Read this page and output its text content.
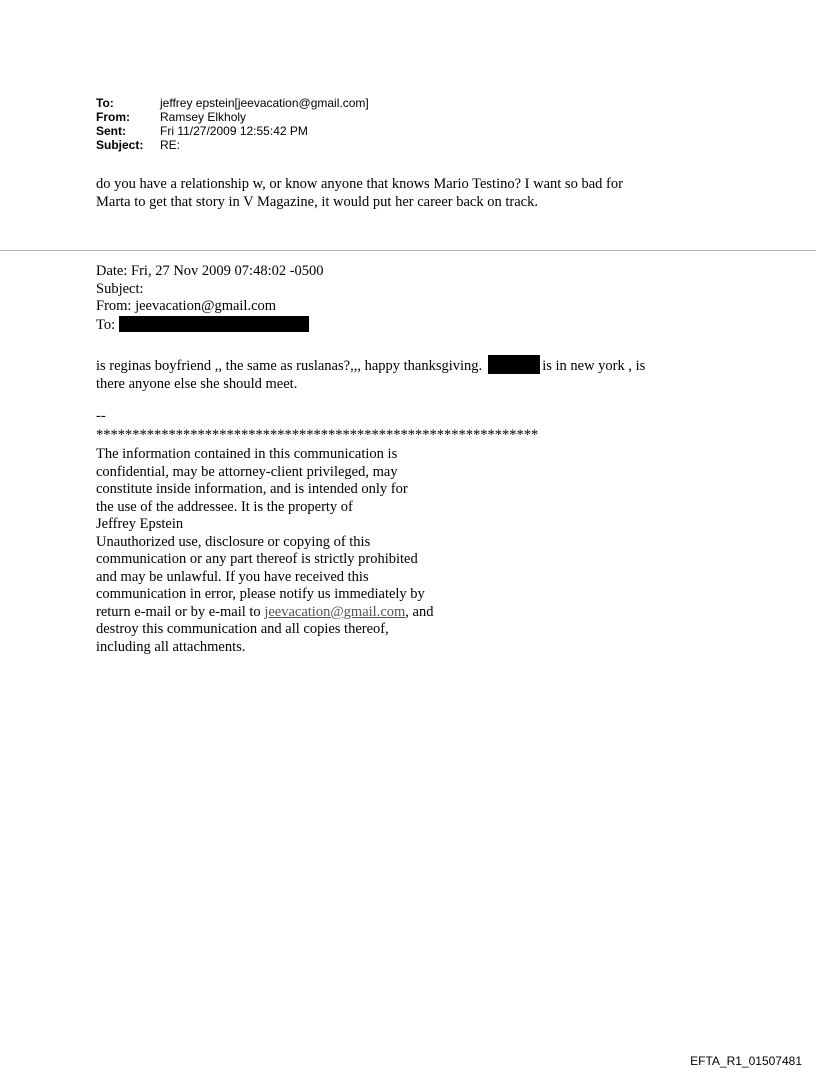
To:	jeffrey epstein[jeevacation@gmail.com]
From:	Ramsey Elkholy
Sent:	Fri 11/27/2009 12:55:42 PM
Subject:	RE:
do you have a relationship w, or know anyone that knows Mario Testino? I want so bad for
Marta to get that story in V Magazine, it would put her career back on track.
Date: Fri, 27 Nov 2009 07:48:02 -0500
Subject:
From: jeevacation@gmail.com
To:
is reginas boyfriend ,, the same as ruslanas?,,, happy thanksgiving.	is in new york , is
there anyone else she should meet.
--
*************************************************************
The information contained in this communication is
confidential, may be attorney-client privileged, may
constitute inside information, and is intended only for
the use of the addressee. It is the property of
Jeffrey Epstein
Unauthorized use, disclosure or copying of this
communication or any part thereof is strictly prohibited
and may be unlawful. If you have received this
communication in error, please notify us immediately by
return e-mail or by e-mail to jeevacation@gmail.com, and
destroy this communication and all copies thereof,
including all attachments.
EFTA_R1_01507481
